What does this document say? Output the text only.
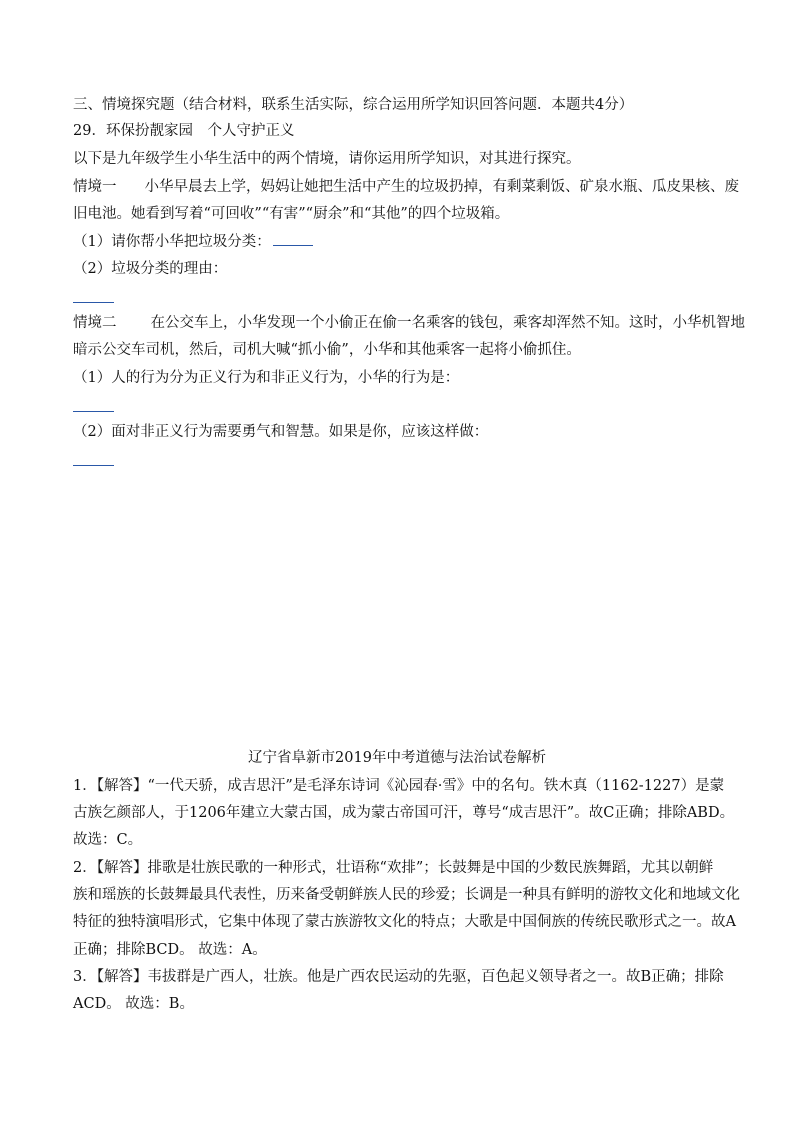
三、情境探究题（结合材料，联系生活实际，综合运用所学知识回答问题．本题共4分）
29．环保扮靓家园　个人守护正义
以下是九年级学生小华生活中的两个情境，请你运用所学知识，对其进行探究。
情境一 小华早晨去上学，妈妈让她把生活中产生的垃圾扔掉，有剩菜剩饭、矿泉水瓶、瓜皮果核、废
旧电池。她看到写着“可回收”“有害”“厨余”和“其他”的四个垃圾箱。
（1）请你帮小华把垃圾分类：
（2）垃圾分类的理由：
情境二 在公交车上，小华发现一个小偷正在偷一名乘客的钱包，乘客却浑然不知。这时，小华机智地
暗示公交车司机，然后，司机大喊“抓小偷”，小华和其他乘客一起将小偷抓住。
（1）人的行为分为正义行为和非正义行为，小华的行为是：
（2）面对非正义行为需要勇气和智慧。如果是你，应该这样做：
辽宁省阜新市2019年中考道德与法治试卷解析
1．【解答】“一代天骄，成吉思汗”是毛泽东诗词《沁园春·雪》中的名句。铁木真（1162-1227）是蒙
古族乞颜部人，于1206年建立大蒙古国，成为蒙古帝国可汗，尊号“成吉思汗”。故C正确；排除ABD。
故选：C。
2．【解答】排歌是壮族民歌的一种形式，壮语称“欢排”；长鼓舞是中国的少数民族舞蹈，尤其以朝鲜
族和瑶族的长鼓舞最具代表性，历来备受朝鲜族人民的珍爱；长调是一种具有鲜明的游牧文化和地域文化
特征的独特演唱形式，它集中体现了蒙古族游牧文化的特点；大歌是中国侗族的传统民歌形式之一。故A
正确；排除BCD。 故选：A。
3．【解答】韦拔群是广西人，壮族。他是广西农民运动的先驱，百色起义领导者之一。故B正确；排除
ACD。 故选：B。
